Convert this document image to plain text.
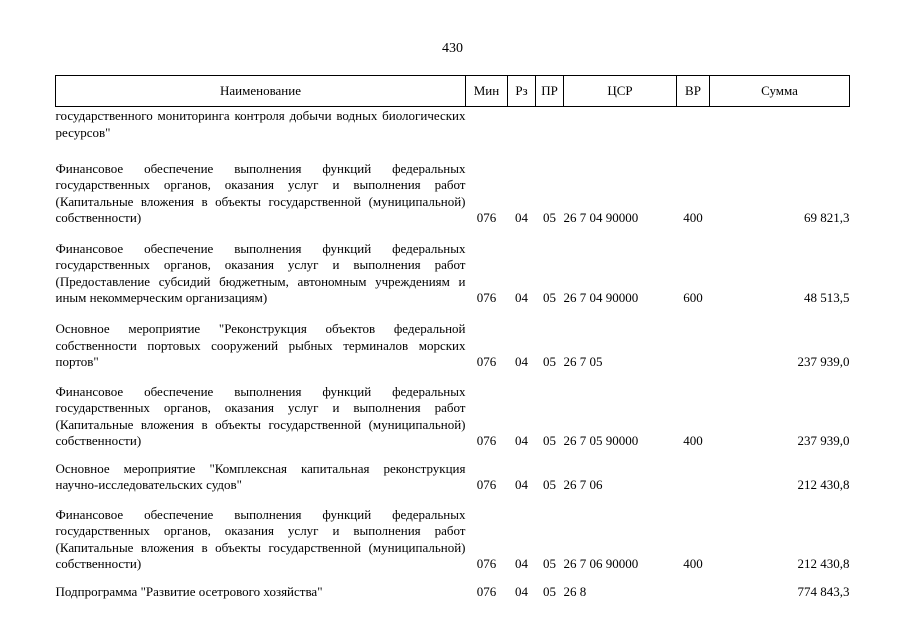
430
Наименование	Мин	Рз	ПР	ЦСР	ВР	Сумма
государственного мониторинга контроля добычи водных биологических ресурсов"						
Финансовое обеспечение выполнения функций федеральных государственных органов, оказания услуг и выполнения работ (Капитальные вложения в объекты государственной (муниципальной) собственности)	076	04	05	26 7 04 90000	400	69 821,3
Финансовое обеспечение выполнения функций федеральных государственных органов, оказания услуг и выполнения работ (Предоставление субсидий бюджетным, автономным учреждениям и иным некоммерческим организациям)	076	04	05	26 7 04 90000	600	48 513,5
Основное мероприятие "Реконструкция объектов федеральной собственности портовых сооружений рыбных терминалов морских портов"	076	04	05	26 7 05		237 939,0
Финансовое обеспечение выполнения функций федеральных государственных органов, оказания услуг и выполнения работ (Капитальные вложения в объекты государственной (муниципальной) собственности)	076	04	05	26 7 05 90000	400	237 939,0
Основное мероприятие "Комплексная капитальная реконструкция научно-исследовательских судов"	076	04	05	26 7 06		212 430,8
Финансовое обеспечение выполнения функций федеральных государственных органов, оказания услуг и выполнения работ (Капитальные вложения в объекты государственной (муниципальной) собственности)	076	04	05	26 7 06 90000	400	212 430,8
Подпрограмма "Развитие осетрового хозяйства"	076	04	05	26 8		774 843,3
